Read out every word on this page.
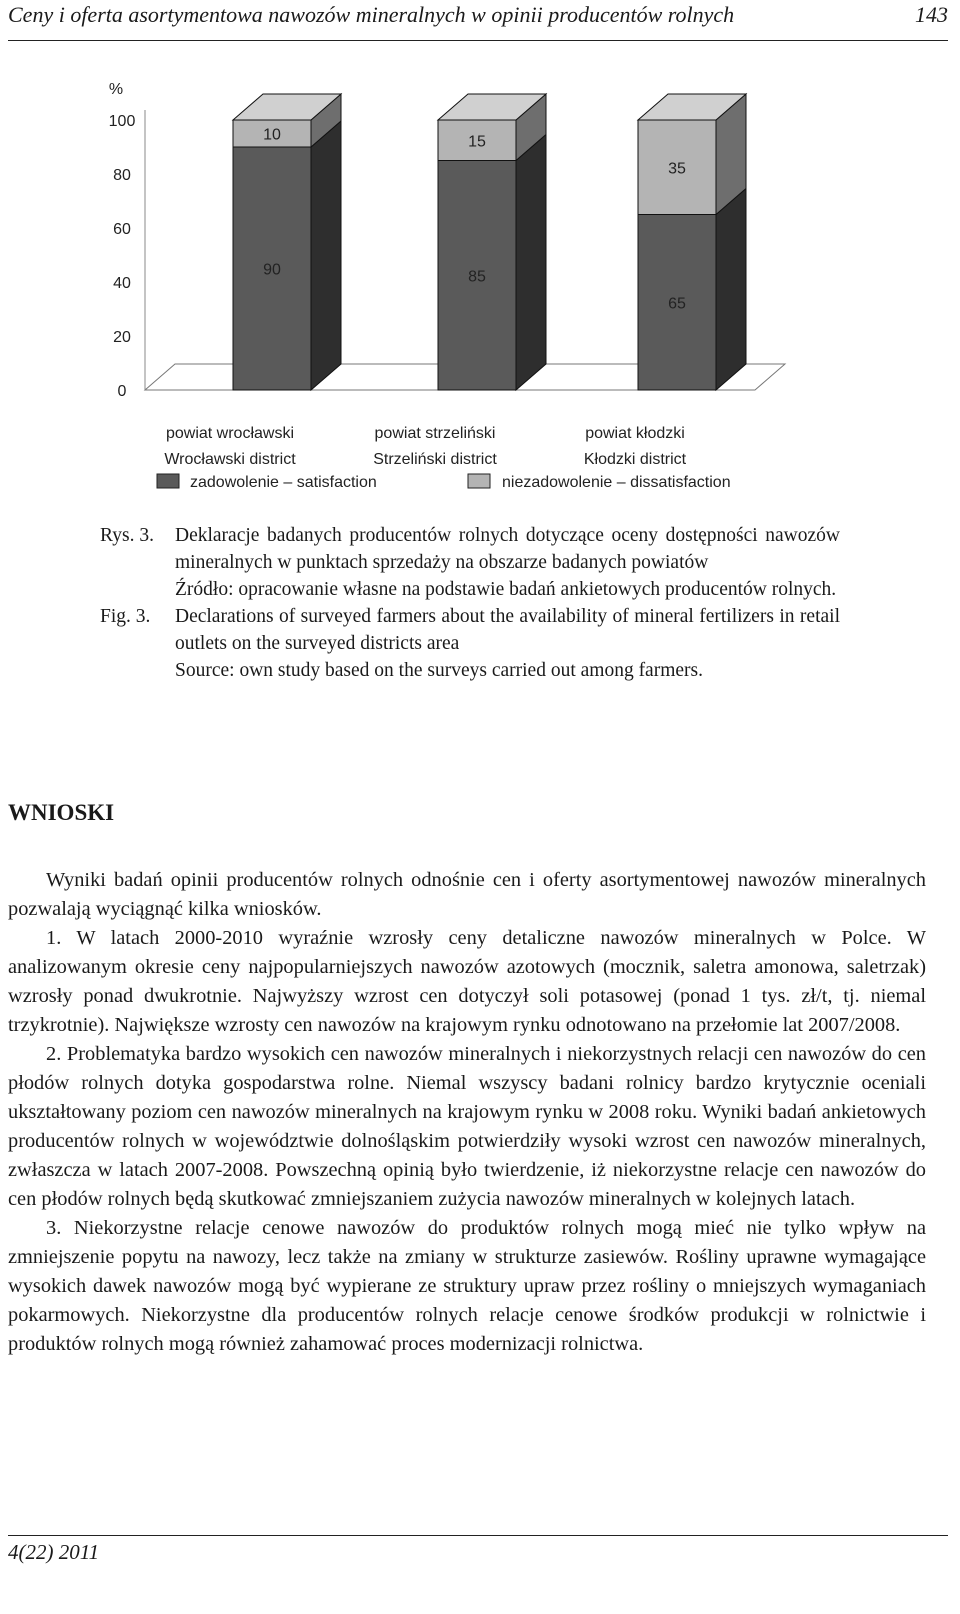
Ceny i oferta asortymentowa nawozów mineralnych w opinii producentów rolnych	143
%
100
80
60
40
20
0
90
10
powiat wrocławski
Wrocławski district
85
15
powiat strzeliński
Strzeliński district
65
35
powiat kłodzki
Kłodzki district
zadowolenie – satisfaction	niezadowolenie – dissatisfaction
Rys. 3.	Deklaracje badanych producentów rolnych dotyczące oceny dostępności nawozów mineralnych w punktach sprzedaży na obszarze badanych powiatów

Źródło: opracowanie własne na podstawie badań ankietowych producentów rolnych.

Fig. 3.	Declarations of surveyed farmers about the availability of mineral fertilizers in retail outlets on the surveyed districts area

Source: own study based on the surveys carried out among farmers.

WNIOSKI

Wyniki badań opinii producentów rolnych odnośnie cen i oferty asortymentowej nawozów mineralnych pozwalają wyciągnąć kilka wniosków.

1. W latach 2000-2010 wyraźnie wzrosły ceny detaliczne nawozów mineralnych w Polce. W analizowanym okresie ceny najpopularniejszych nawozów azotowych (mocznik, saletra amonowa, saletrzak) wzrosły ponad dwukrotnie. Najwyższy wzrost cen dotyczył soli potasowej (ponad 1 tys. zł/t, tj. niemal trzykrotnie). Największe wzrosty cen nawozów na krajowym rynku odnotowano na przełomie lat 2007/2008.

2. Problematyka bardzo wysokich cen nawozów mineralnych i niekorzystnych relacji cen nawozów do cen płodów rolnych dotyka gospodarstwa rolne. Niemal wszyscy badani rolnicy bardzo krytycznie oceniali ukształtowany poziom cen nawozów mineralnych na krajowym rynku w 2008 roku. Wyniki badań ankietowych producentów rolnych w województwie dolnośląskim potwierdziły wysoki wzrost cen nawozów mineralnych, zwłaszcza w latach 2007-2008. Powszechną opinią było twierdzenie, iż niekorzystne relacje cen nawozów do cen płodów rolnych będą skutkować zmniejszaniem zużycia nawozów mineralnych w kolejnych latach.

3. Niekorzystne relacje cenowe nawozów do produktów rolnych mogą mieć nie tylko wpływ na zmniejszenie popytu na nawozy, lecz także na zmiany w strukturze zasiewów. Rośliny uprawne wymagające wysokich dawek nawozów mogą być wypierane ze struktury upraw przez rośliny o mniejszych wymaganiach pokarmowych. Niekorzystne dla producentów rolnych relacje cenowe środków produkcji w rolnictwie i produktów rolnych mogą również zahamować proces modernizacji rolnictwa.

4(22) 2011
